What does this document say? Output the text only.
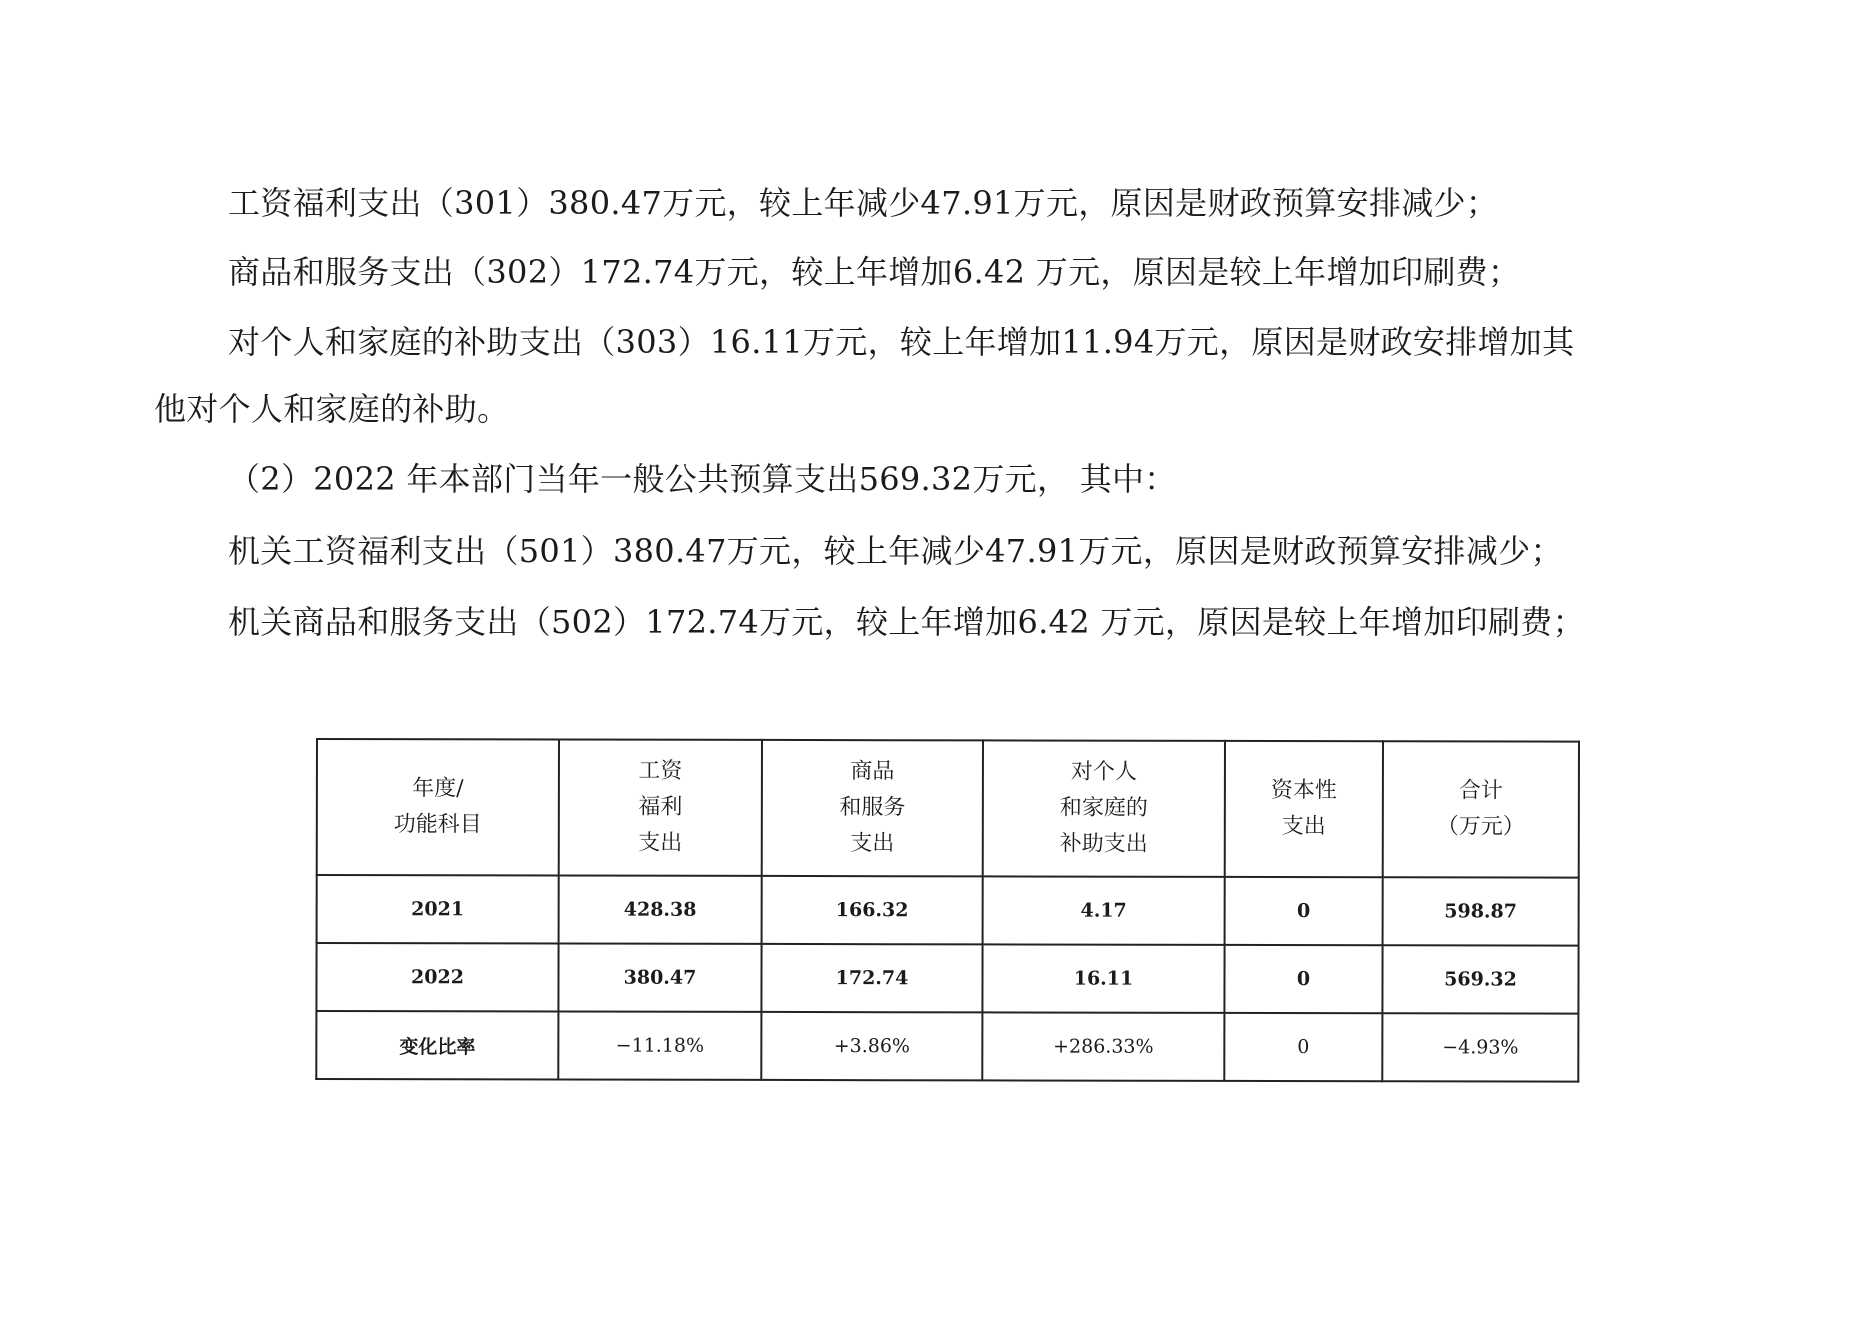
工资福利支出（301）380.47万元，较上年减少47.91万元，原因是财政预算安排减少；

商品和服务支出（302）172.74万元，较上年增加6.42 万元，原因是较上年增加印刷费；

对个人和家庭的补助支出（303）16.11万元，较上年增加11.94万元，原因是财政安排增加其

他对个人和家庭的补助。

（2）2022 年本部门当年一般公共预算支出569.32万元， 其中：

机关工资福利支出（501）380.47万元，较上年减少47.91万元，原因是财政预算安排减少；

机关商品和服务支出（502）172.74万元，较上年增加6.42 万元，原因是较上年增加印刷费；

年度/
功能科目	工资
福利
支出	商品
和服务
支出	对个人
和家庭的
补助支出	资本性
支出	合计
（万元）

2021	428.38	166.32	4.17	0	598.87
2022	380.47	172.74	16.11	0	569.32
变化比率	−11.18%	+3.86%	+286.33%	0	−4.93%
